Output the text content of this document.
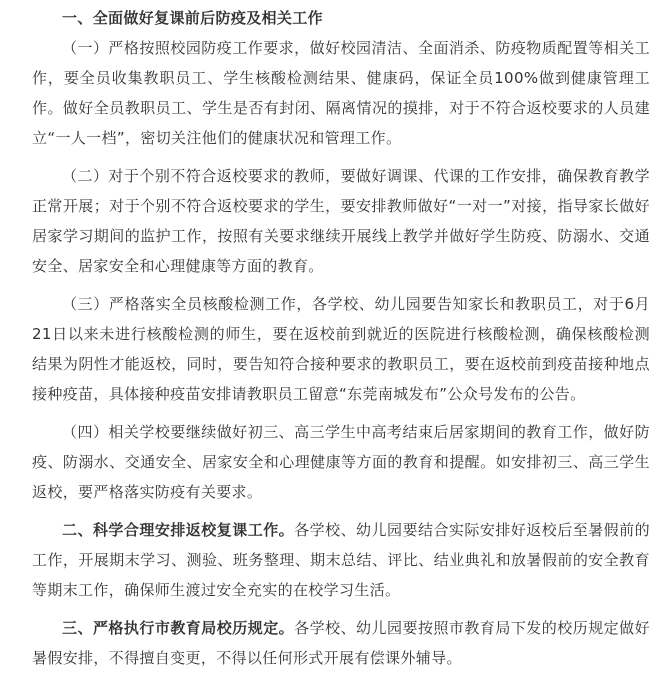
一、全面做好复课前后防疫及相关工作

（一）严格按照校园防疫工作要求，做好校园清洁、全面消杀、防疫物质配置等相关工作，要全员收集教职员工、学生核酸检测结果、健康码，保证全员100%做到健康管理工作。做好全员教职员工、学生是否有封闭、隔离情况的摸排，对于不符合返校要求的人员建立“一人一档”，密切关注他们的健康状况和管理工作。

（二）对于个别不符合返校要求的教师，要做好调课、代课的工作安排，确保教育教学正常开展；对于个别不符合返校要求的学生，要安排教师做好“一对一”对接，指导家长做好居家学习期间的监护工作，按照有关要求继续开展线上教学并做好学生防疫、防溺水、交通安全、居家安全和心理健康等方面的教育。

（三）严格落实全员核酸检测工作，各学校、幼儿园要告知家长和教职员工，对于6月21日以来未进行核酸检测的师生，要在返校前到就近的医院进行核酸检测，确保核酸检测结果为阴性才能返校，同时，要告知符合接种要求的教职员工，要在返校前到疫苗接种地点接种疫苗，具体接种疫苗安排请教职员工留意“东莞南城发布”公众号发布的公告。

（四）相关学校要继续做好初三、高三学生中高考结束后居家期间的教育工作，做好防疫、防溺水、交通安全、居家安全和心理健康等方面的教育和提醒。如安排初三、高三学生返校，要严格落实防疫有关要求。

二、科学合理安排返校复课工作。各学校、幼儿园要结合实际安排好返校后至暑假前的工作，开展期末学习、测验、班务整理、期末总结、评比、结业典礼和放暑假前的安全教育等期末工作，确保师生渡过安全充实的在校学习生活。

三、严格执行市教育局校历规定。各学校、幼儿园要按照市教育局下发的校历规定做好暑假安排，不得擅自变更，不得以任何形式开展有偿课外辅导。
